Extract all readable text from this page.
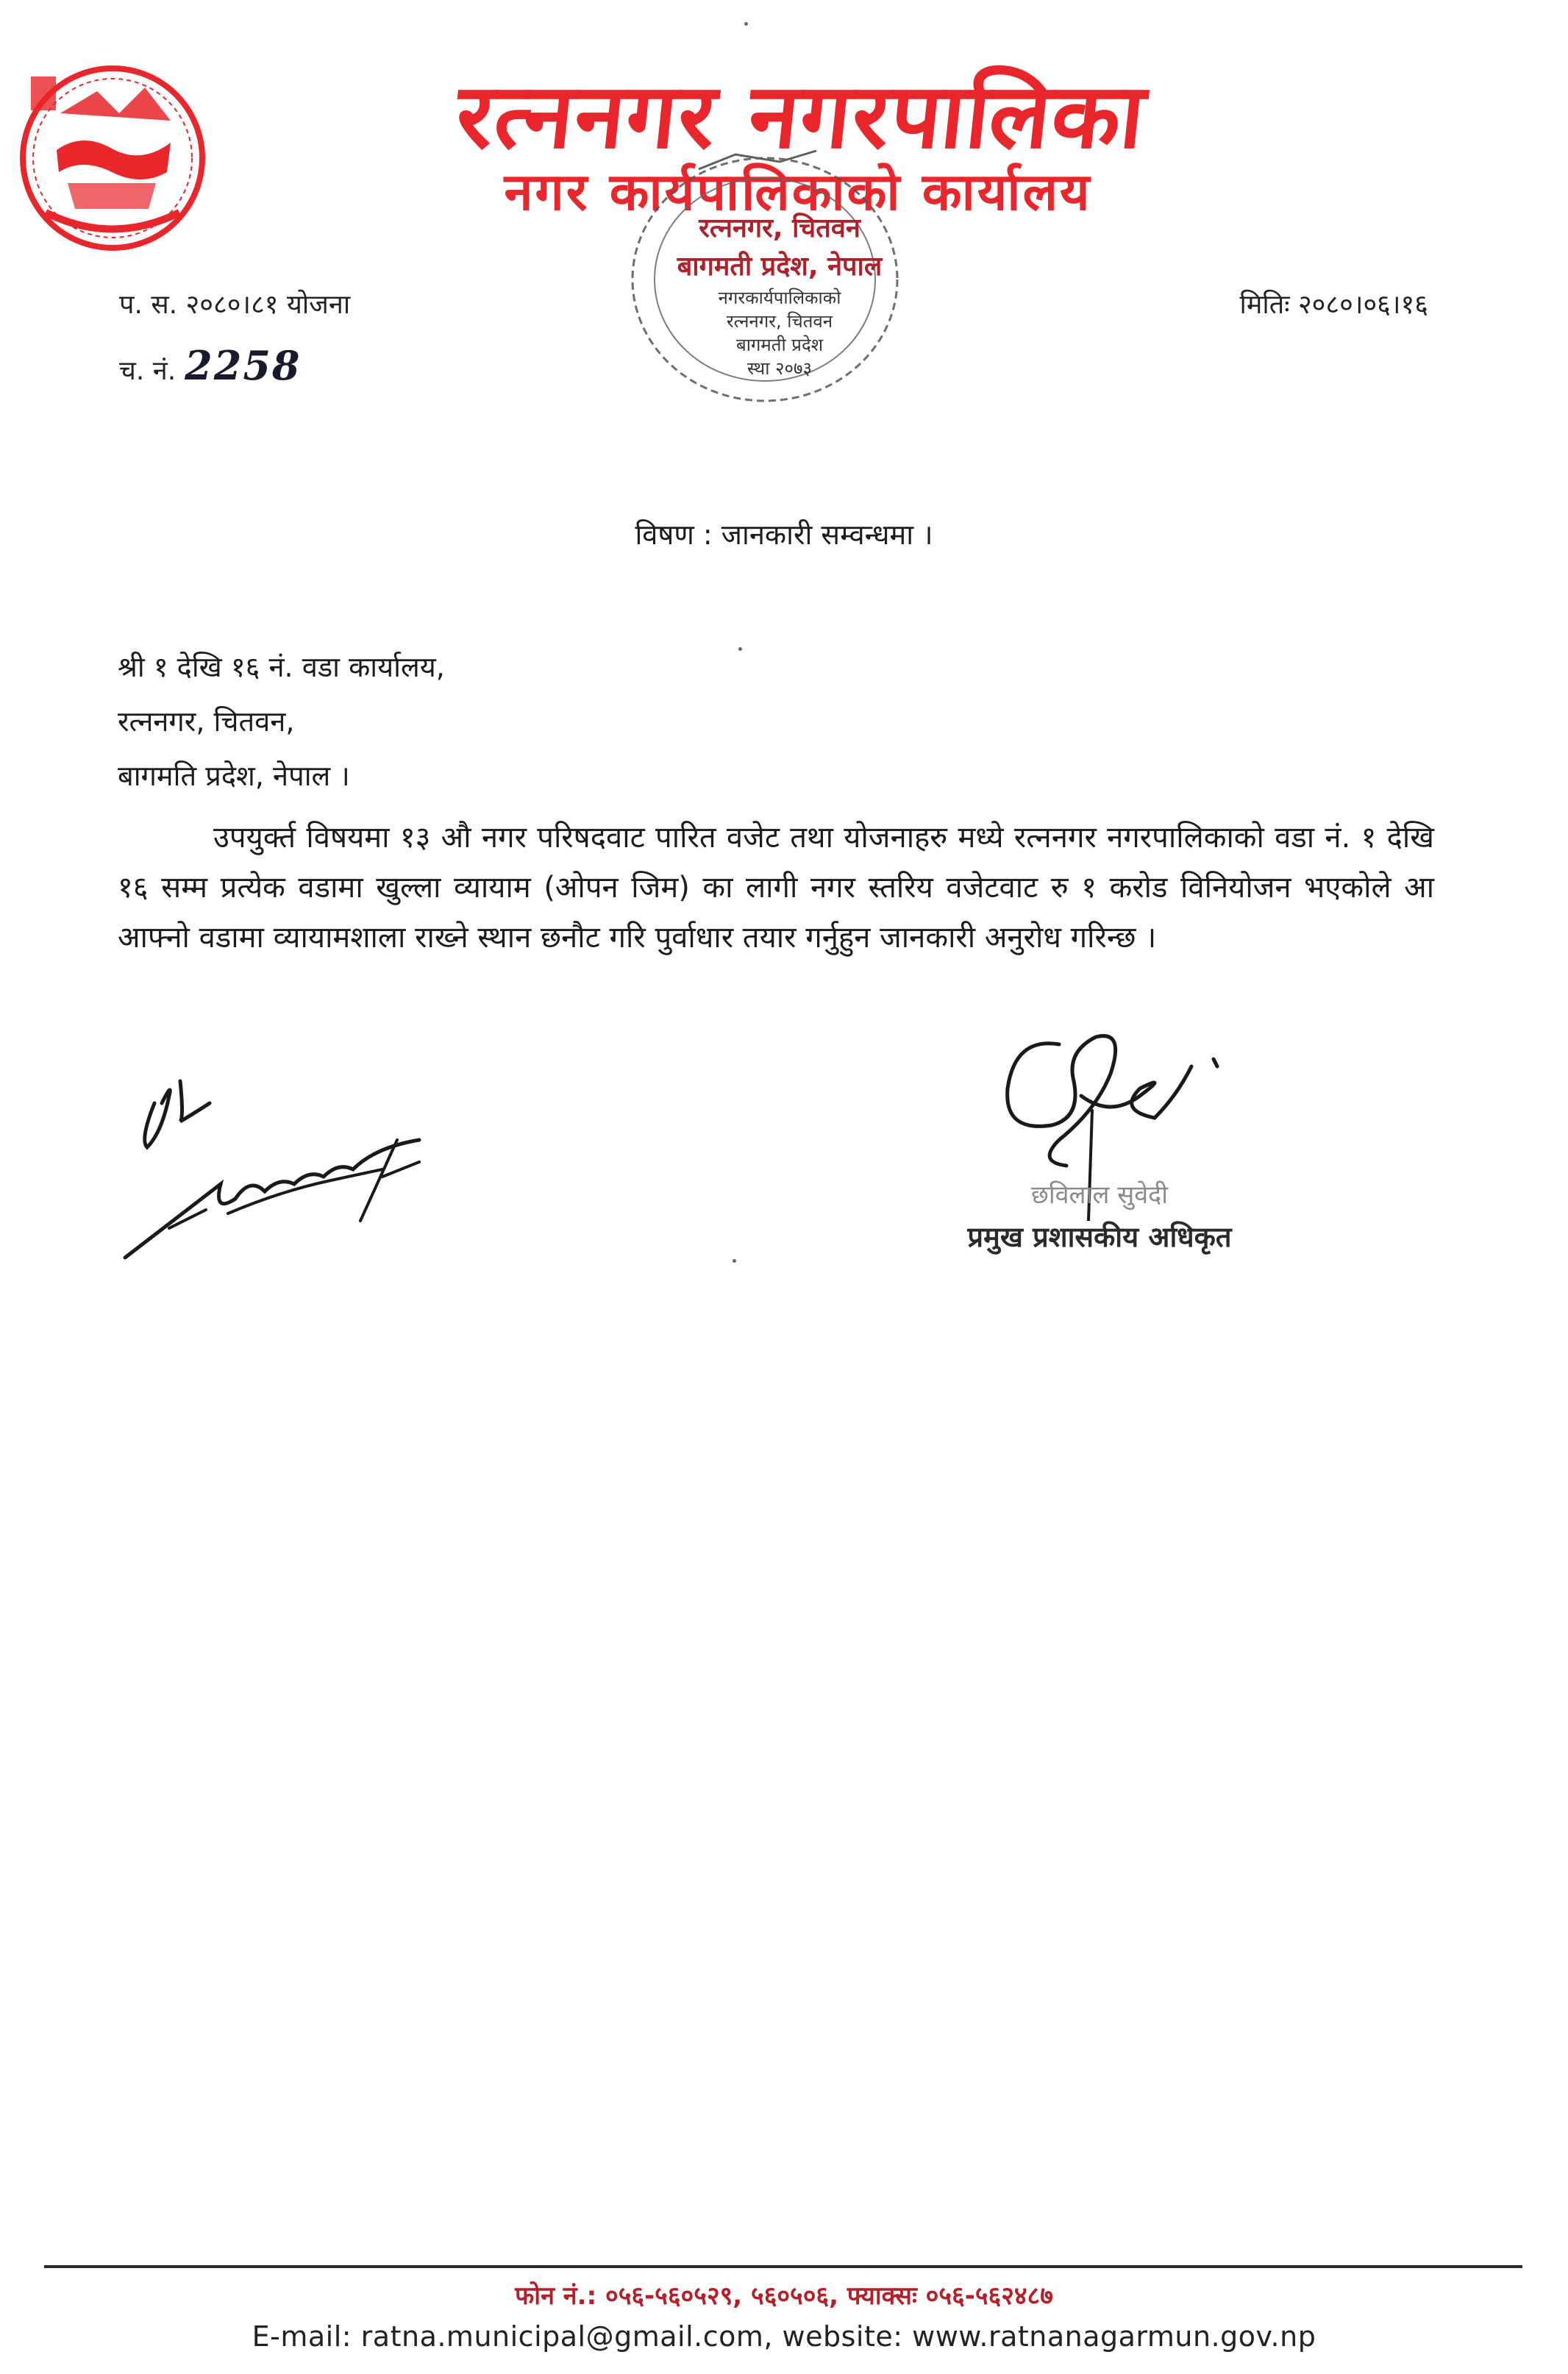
रत्ननगर नगरपालिका
नगर कार्यपालिकाको कार्यालय
रत्ननगर, चितवन
बागमती प्रदेश, नेपाल
नगरकार्यपालिकाको
रत्ननगर, चितवन
बागमती प्रदेश
स्था २०७३
प. स. २०८०।८१ योजना
च. नं. 2258
मितिः २०८०।०६।१६
विषण : जानकारी सम्वन्धमा ।
श्री १ देखि १६ नं. वडा कार्यालय,
रत्ननगर, चितवन,
बागमति प्रदेश, नेपाल ।
उपयुर्क्त विषयमा १३ औ नगर परिषदवाट पारित वजेट तथा योजनाहरु मध्ये रत्ननगर नगरपालिकाको वडा नं. १ देखि १६ सम्म प्रत्येक वडामा खुल्ला व्यायाम (ओपन जिम) का लागी नगर स्तरिय वजेटवाट रु १ करोड विनियोजन भएकोले आ आफ्नो वडामा व्यायामशाला राख्ने स्थान छनौट गरि पुर्वाधार तयार गर्नुहुन जानकारी अनुरोध गरिन्छ ।
छविलाल सुवेदी
प्रमुख प्रशासकीय अधिकृत
फोन नं.: ०५६-५६०५२९, ५६०५०६, फ्याक्सः ०५६-५६२४८७
E-mail: ratna.municipal@gmail.com, website: www.ratnanagarmun.gov.np
